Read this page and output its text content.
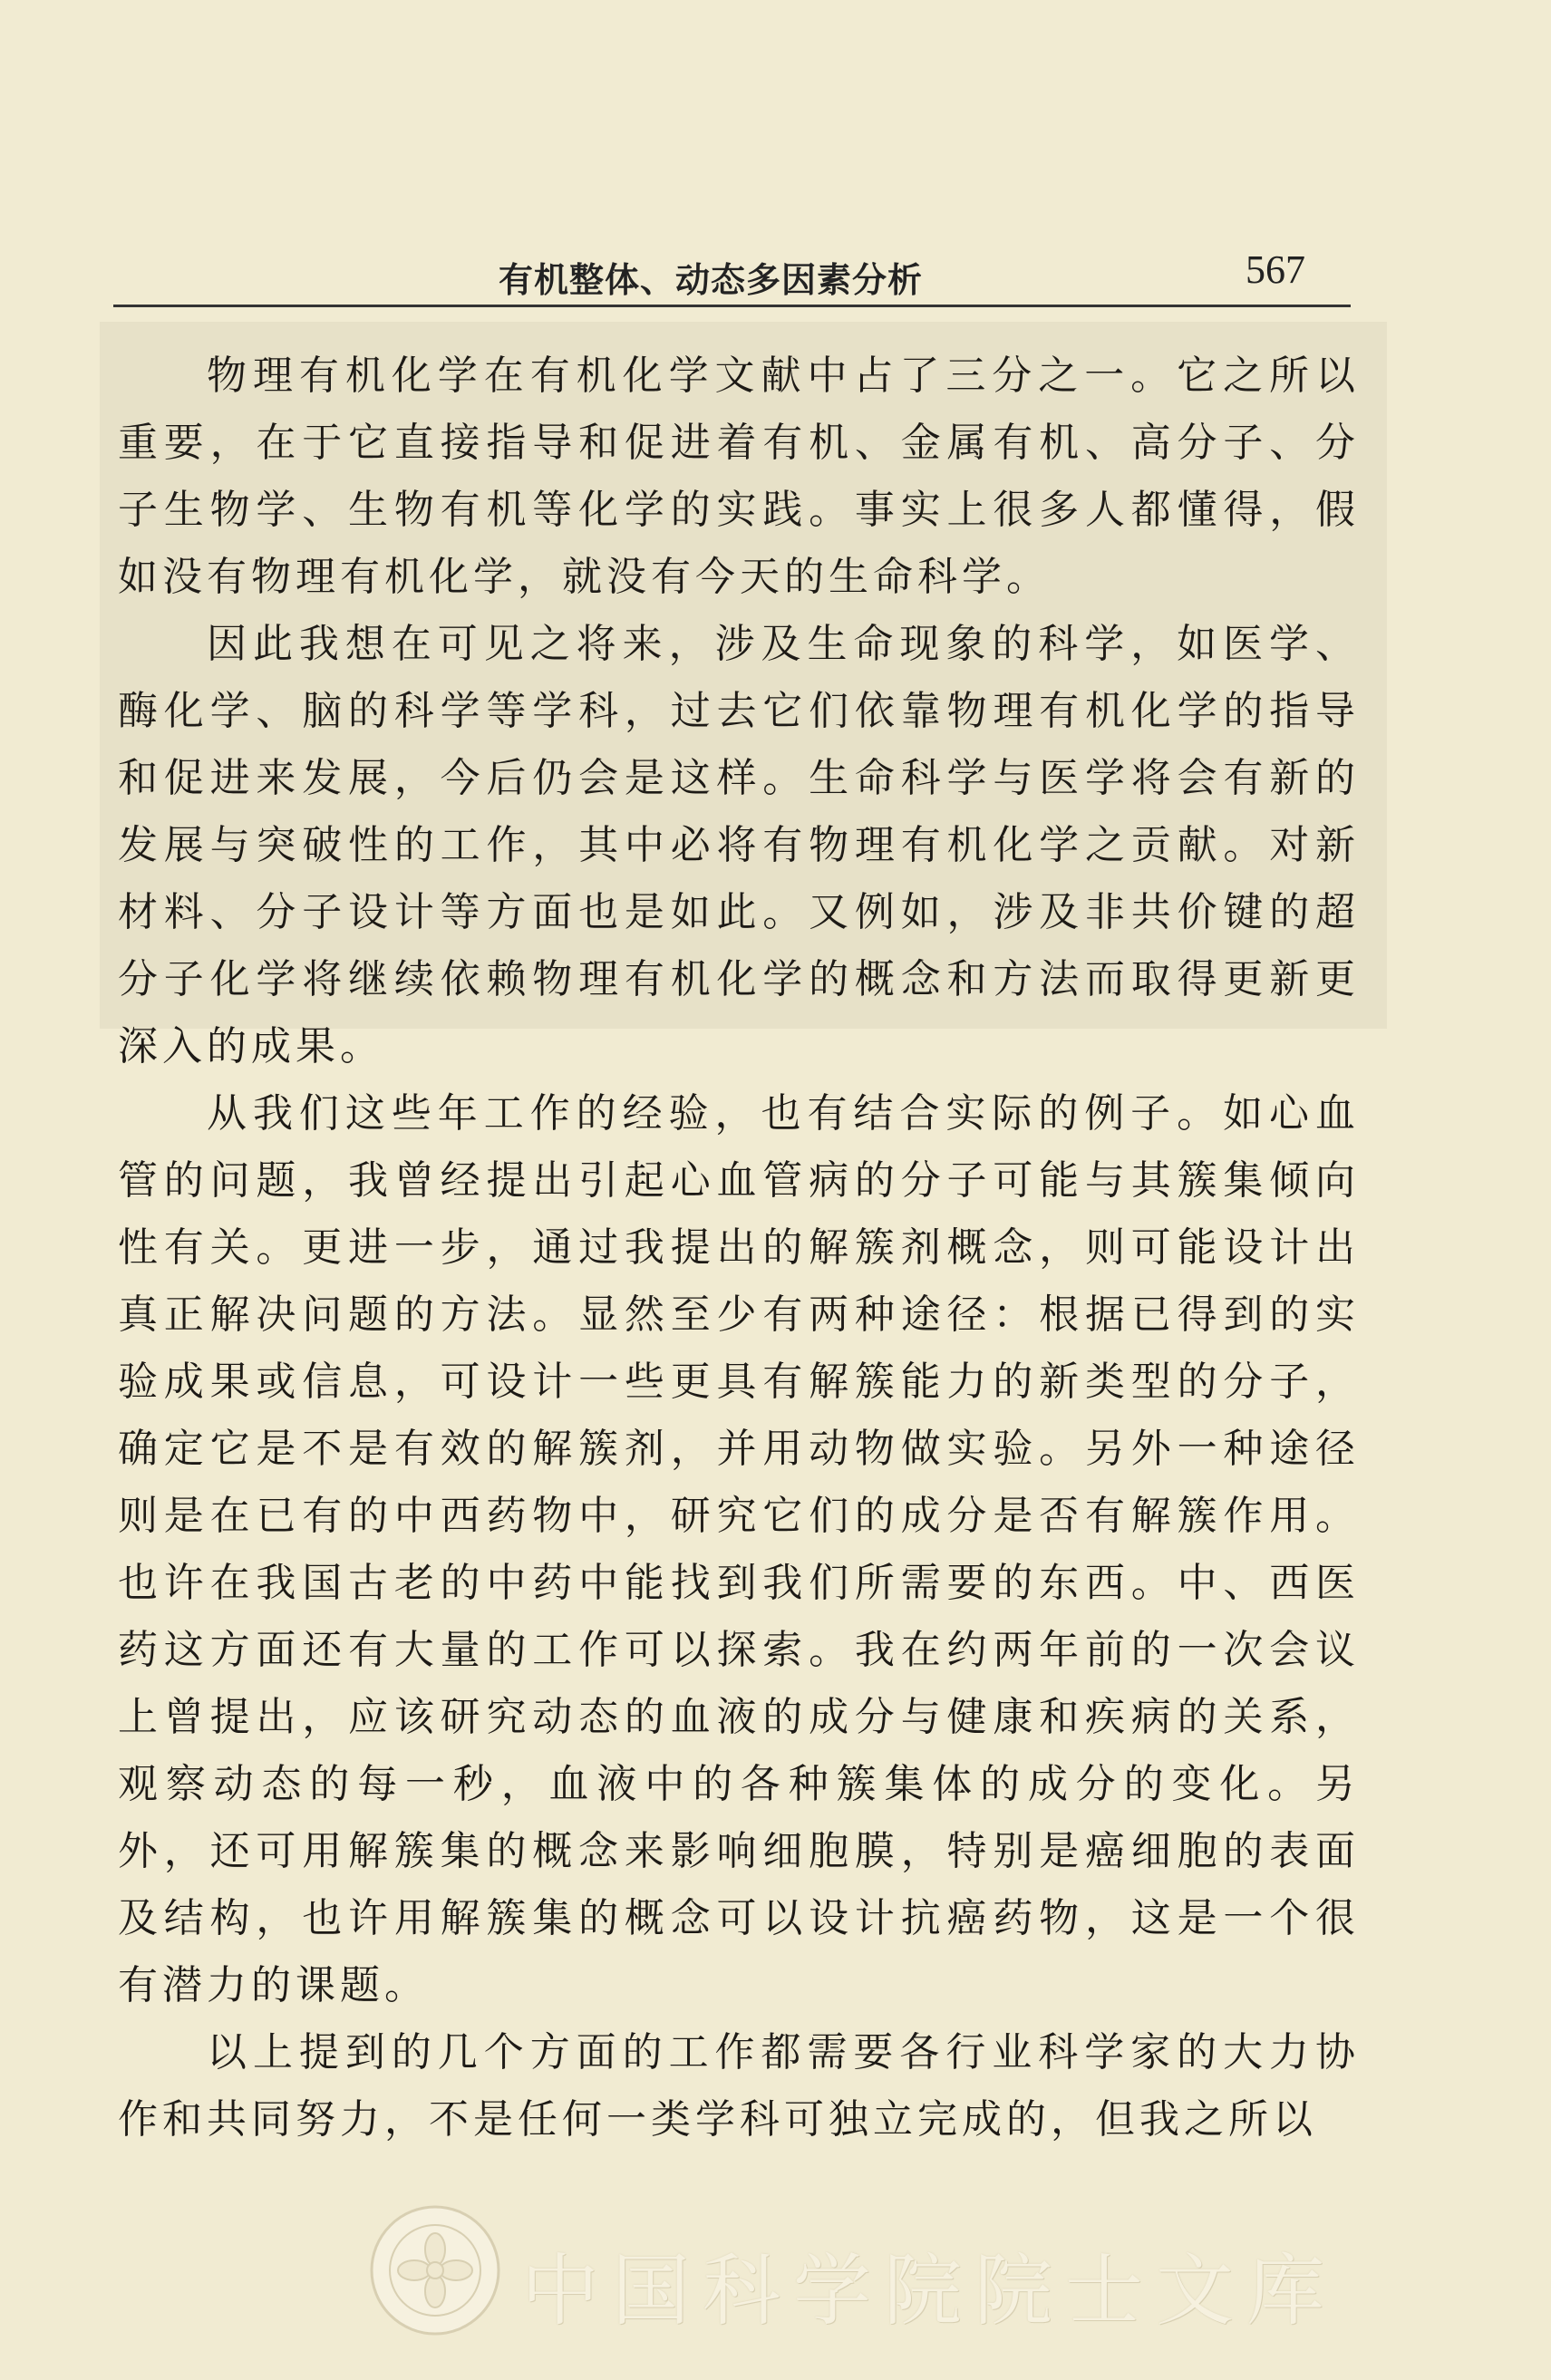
有机整体、动态多因素分析	567

物理有机化学在有机化学文献中占了三分之一。它之所以重要，在于它直接指导和促进着有机、金属有机、高分子、分子生物学、生物有机等化学的实践。事实上很多人都懂得，假如没有物理有机化学，就没有今天的生命科学。

因此我想在可见之将来，涉及生命现象的科学，如医学、酶化学、脑的科学等学科，过去它们依靠物理有机化学的指导和促进来发展，今后仍会是这样。生命科学与医学将会有新的发展与突破性的工作，其中必将有物理有机化学之贡献。对新材料、分子设计等方面也是如此。又例如，涉及非共价键的超分子化学将继续依赖物理有机化学的概念和方法而取得更新更深入的成果。

从我们这些年工作的经验，也有结合实际的例子。如心血管的问题，我曾经提出引起心血管病的分子可能与其簇集倾向性有关。更进一步，通过我提出的解簇剂概念，则可能设计出真正解决问题的方法。显然至少有两种途径：根据已得到的实验成果或信息，可设计一些更具有解簇能力的新类型的分子，确定它是不是有效的解簇剂，并用动物做实验。另外一种途径则是在已有的中西药物中，研究它们的成分是否有解簇作用。也许在我国古老的中药中能找到我们所需要的东西。中、西医药这方面还有大量的工作可以探索。我在约两年前的一次会议上曾提出，应该研究动态的血液的成分与健康和疾病的关系，观察动态的每一秒，血液中的各种簇集体的成分的变化。另外，还可用解簇集的概念来影响细胞膜，特别是癌细胞的表面及结构，也许用解簇集的概念可以设计抗癌药物，这是一个很有潜力的课题。

以上提到的几个方面的工作都需要各行业科学家的大力协作和共同努力，不是任何一类学科可独立完成的，但我之所以

中国科学院院士文库
